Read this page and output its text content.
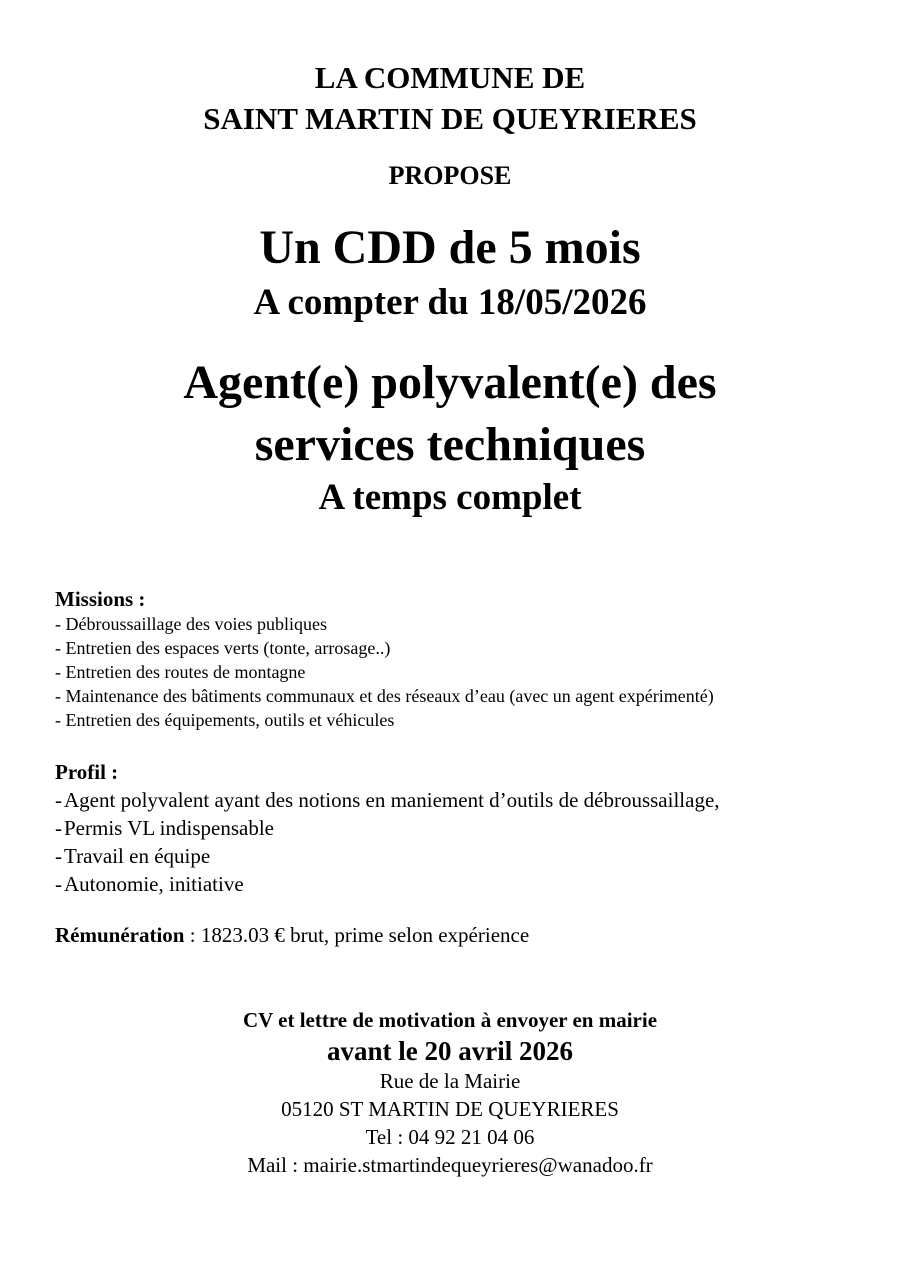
LA COMMUNE DE
SAINT MARTIN DE QUEYRIERES
PROPOSE
Un CDD de 5 mois
A compter du 18/05/2026
Agent(e) polyvalent(e) des
services techniques
A temps complet
Missions :
- Débroussaillage des voies publiques
- Entretien des espaces verts (tonte, arrosage..)
- Entretien des routes de montagne
- Maintenance des bâtiments communaux et des réseaux d’eau (avec un agent expérimenté)
- Entretien des équipements, outils et véhicules
Profil :
-Agent polyvalent ayant des notions en maniement d’outils de débroussaillage,
-Permis VL indispensable
-Travail en équipe
-Autonomie, initiative
Rémunération : 1823.03 € brut, prime selon expérience
CV et lettre de motivation à envoyer en mairie
avant le 20 avril 2026
Rue de la Mairie
05120 ST MARTIN DE QUEYRIERES
Tel : 04 92 21 04 06
Mail : mairie.stmartindequeyrieres@wanadoo.fr
